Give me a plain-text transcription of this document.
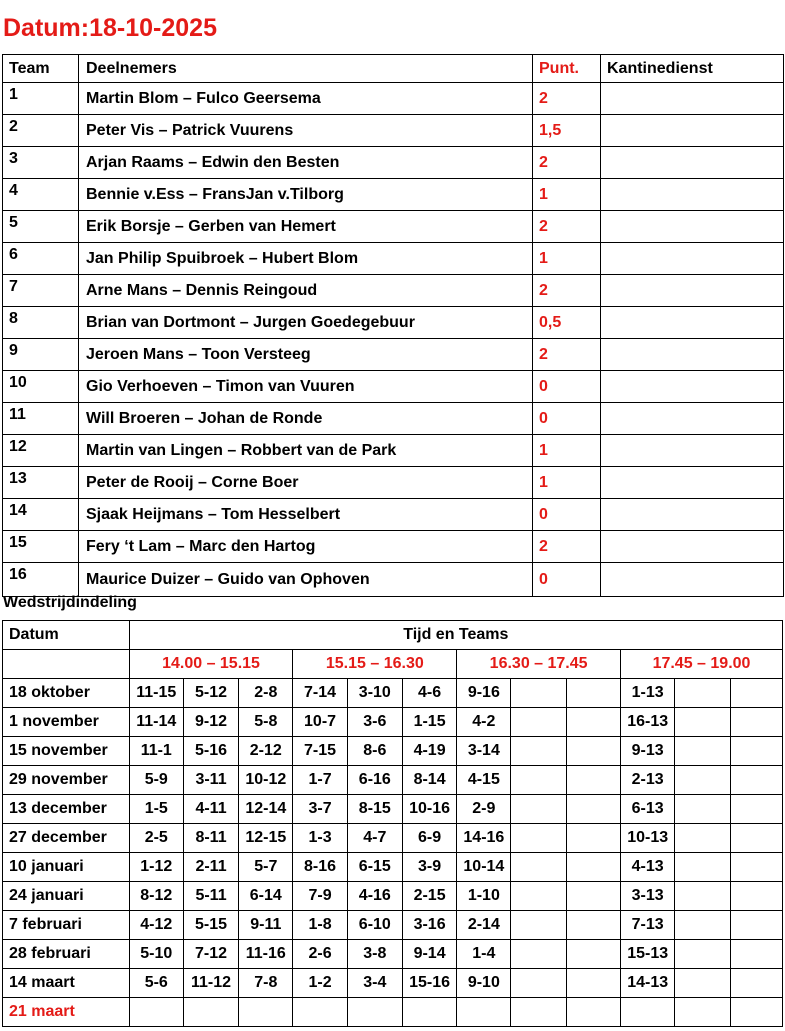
Datum:18-10-2025
Team	Deelnemers	Punt.	Kantinedienst
1	Martin Blom – Fulco Geersema	2	
2	Peter Vis – Patrick Vuurens	1,5	
3	Arjan Raams – Edwin den Besten	2	
4	Bennie v.Ess – FransJan v.Tilborg	1	
5	Erik Borsje – Gerben van Hemert	2	
6	Jan Philip Spuibroek – Hubert Blom	1	
7	Arne Mans – Dennis Reingoud	2	
8	Brian van Dortmont – Jurgen Goedegebuur	0,5	
9	Jeroen Mans – Toon Versteeg	2	
10	Gio Verhoeven – Timon van Vuuren	0	
11	Will Broeren – Johan de Ronde	0	
12	Martin van Lingen – Robbert van de Park	1	
13	Peter de Rooij – Corne Boer	1	
14	Sjaak Heijmans – Tom Hesselbert	0	
15	Fery ‘t Lam – Marc den Hartog	2	
16	Maurice Duizer – Guido van Ophoven	0	
Wedstrijdindeling
Datum	Tijd en Teams											
	14.00 – 15.15			15.15 – 16.30			16.30 – 17.45			17.45 – 19.00		
18 oktober	11-15	5-12	2-8	7-14	3-10	4-6	9-16			1-13		
1 november	11-14	9-12	5-8	10-7	3-6	1-15	4-2			16-13		
15 november	11-1	5-16	2-12	7-15	8-6	4-19	3-14			9-13		
29 november	5-9	3-11	10-12	1-7	6-16	8-14	4-15			2-13		
13 december	1-5	4-11	12-14	3-7	8-15	10-16	2-9			6-13		
27 december	2-5	8-11	12-15	1-3	4-7	6-9	14-16			10-13		
10 januari	1-12	2-11	5-7	8-16	6-15	3-9	10-14			4-13		
24 januari	8-12	5-11	6-14	7-9	4-16	2-15	1-10			3-13		
7 februari	4-12	5-15	9-11	1-8	6-10	3-16	2-14			7-13		
28 februari	5-10	7-12	11-16	2-6	3-8	9-14	1-4			15-13		
14 maart	5-6	11-12	7-8	1-2	3-4	15-16	9-10			14-13		
21 maart												
